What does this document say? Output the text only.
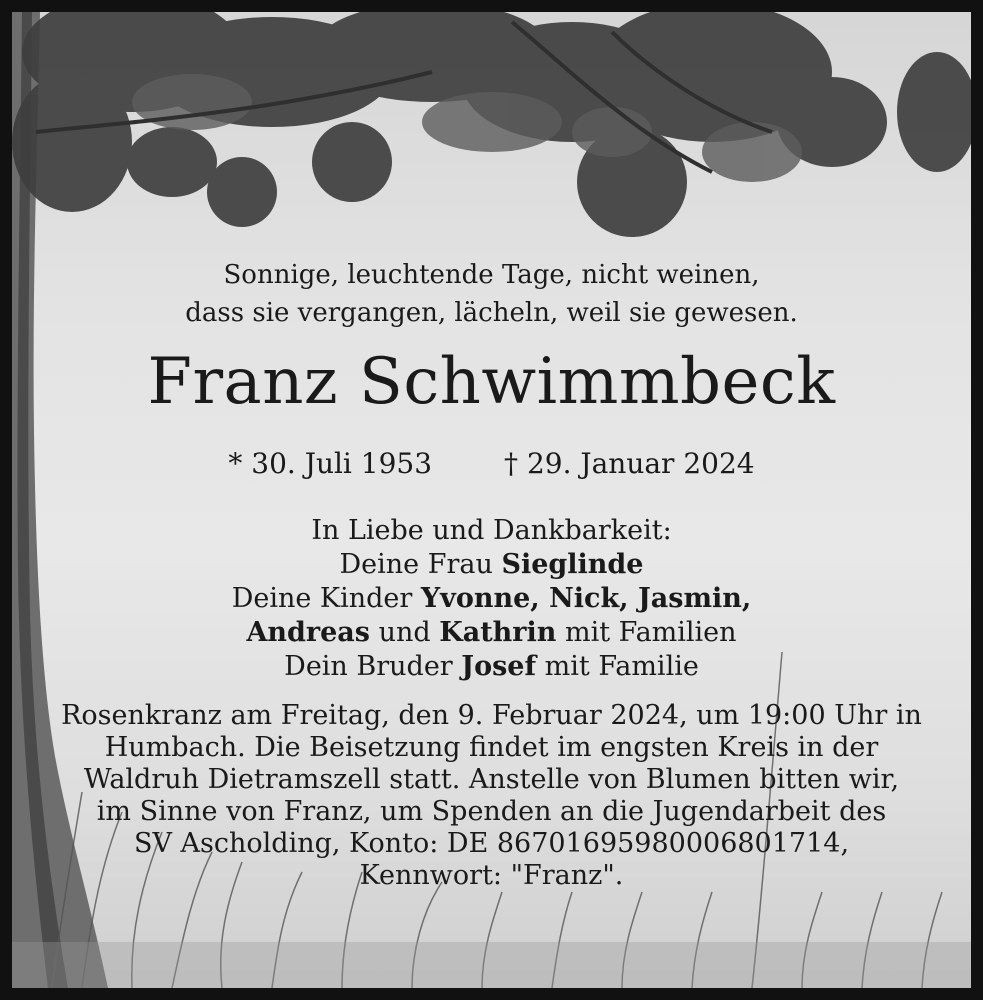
Sonnige, leuchtende Tage, nicht weinen,
dass sie vergangen, lächeln, weil sie gewesen.
Franz Schwimmbeck
* 30. Juli 1953	† 29. Januar 2024
In Liebe und Dankbarkeit:
Deine Frau Sieglinde
Deine Kinder Yvonne, Nick, Jasmin,
Andreas und Kathrin mit Familien
Dein Bruder Josef mit Familie
Rosenkranz am Freitag, den 9. Februar 2024, um 19:00 Uhr in
Humbach. Die Beisetzung findet im engsten Kreis in der
Waldruh Dietramszell statt. Anstelle von Blumen bitten wir,
im Sinne von Franz, um Spenden an die Jugendarbeit des
SV Ascholding, Konto: DE 86701695980006801714,
Kennwort: "Franz".
